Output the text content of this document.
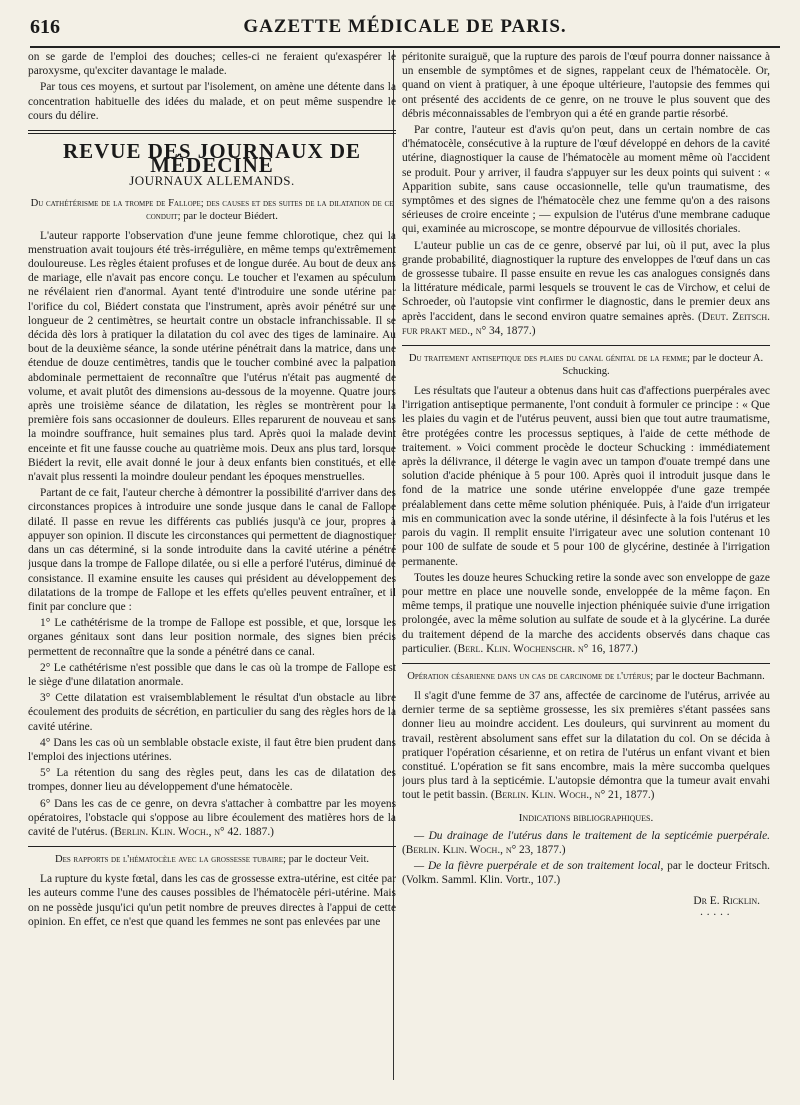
616	GAZETTE MÉDICALE DE PARIS.

on se garde de l'emploi des douches; celles-ci ne feraient qu'exaspérer le paroxysme, qu'exciter davantage le malade.

Par tous ces moyens, et surtout par l'isolement, on amène une détente dans la concentration habituelle des idées du malade, et on peut même suspendre le cours du délire.

REVUE DES JOURNAUX DE MÉDECINE
JOURNAUX ALLEMANDS.
Du cathétérisme de la trompe de Fallope; des causes et des suites de la dilatation de ce conduit; par le docteur Biédert.

L'auteur rapporte l'observation d'une jeune femme chlorotique, chez qui la menstruation avait toujours été très-irrégulière, en même temps qu'extrêmement douloureuse. Les règles étaient profuses et de longue durée. Au bout de deux ans de mariage, elle n'avait pas encore conçu. Le toucher et l'examen au spéculum ne révélaient rien d'anormal. Ayant tenté d'introduire une sonde utérine par l'orifice du col, Biédert constata que l'instrument, après avoir pénétré sur une longueur de 2 centimètres, se heurtait contre un obstacle infranchissable. Il se décida dès lors à pratiquer la dilatation du col avec des tiges de laminaire. Au bout de la deuxième séance, la sonde utérine pénétrait dans la matrice, dans une étendue de douze centimètres, tandis que le toucher combiné avec la palpation abdominale permettaient de reconnaître que l'utérus n'était pas augmenté de volume, et avait plutôt des dimensions au-dessous de la moyenne. Quatre jours après une troisième séance de dilatation, les règles se montrèrent pour la première fois sans occasionner de douleurs. Elles reparurent de nouveau et sans la moindre souffrance, huit semaines plus tard. Après quoi la malade devint enceinte et fit une fausse couche au quatrième mois. Deux ans plus tard, lorsque Biédert la revit, elle avait donné le jour à deux enfants bien constitués, et elle n'avait plus ressenti la moindre douleur pendant les époques menstruelles.

Partant de ce fait, l'auteur cherche à démontrer la possibilité d'arriver dans des circonstances propices à introduire une sonde jusque dans le canal de Fallope dilaté. Il passe en revue les différents cas publiés jusqu'à ce jour, propres à appuyer son opinion. Il discute les circonstances qui permettent de diagnostiquer dans un cas déterminé, si la sonde introduite dans la cavité utérine a pénétré jusque dans la trompe de Fallope dilatée, ou si elle a perforé l'utérus, diminué de consistance. Il examine ensuite les causes qui président au développement des dilatations de la trompe de Fallope et les effets qu'elles peuvent entraîner, et il finit par conclure que :

1° Le cathétérisme de la trompe de Fallope est possible, et que, lorsque les organes génitaux sont dans leur position normale, des signes bien précis permettent de reconnaître que la sonde a pénétré dans ce canal.

2° Le cathétérisme n'est possible que dans le cas où la trompe de Fallope est le siège d'une dilatation anormale.

3° Cette dilatation est vraisemblablement le résultat d'un obstacle au libre écoulement des produits de sécrétion, en particulier du sang des règles hors de la cavité utérine.

4° Dans les cas où un semblable obstacle existe, il faut être bien prudent dans l'emploi des injections utérines.

5° La rétention du sang des règles peut, dans les cas de dilatation des trompes, donner lieu au développement d'une hématocèle.

6° Dans les cas de ce genre, on devra s'attacher à combattre par les moyens opératoires, l'obstacle qui s'oppose au libre écoulement des matières hors de la cavité de l'utérus. (Berlin. Klin. Woch., n° 42. 1887.)

Des rapports de l'hématocèle avec la grossesse tubaire; par le docteur Veit.

La rupture du kyste fœtal, dans les cas de grossesse extra-utérine, est citée par les auteurs comme l'une des causes possibles de l'hématocèle péri-utérine. Mais on ne possède jusqu'ici qu'un petit nombre de preuves directes à l'appui de cette opinion. En effet, ce n'est que quand les femmes ne sont pas enlevées par une

péritonite suraiguë, que la rupture des parois de l'œuf pourra donner naissance à un ensemble de symptômes et de signes, rappelant ceux de l'hématocèle. Or, quand on vient à pratiquer, à une époque ultérieure, l'autopsie des femmes qui ont présenté des accidents de ce genre, on ne trouve le plus souvent que des débris méconnaissables de l'embryon qui a été en grande partie résorbé.

Par contre, l'auteur est d'avis qu'on peut, dans un certain nombre de cas d'hématocèle, consécutive à la rupture de l'œuf développé en dehors de la cavité utérine, diagnostiquer la cause de l'hématocèle au moment même où l'accident se produit. Pour y arriver, il faudra s'appuyer sur les deux points qui suivent : « Apparition subite, sans cause occasionnelle, telle qu'un traumatisme, des symptômes et des signes de l'hématocèle chez une femme qu'on a des raisons sérieuses de croire enceinte ; — expulsion de l'utérus d'une membrane caduque qui, examinée au microscope, se montre dépourvue de villosités choriales.

L'auteur publie un cas de ce genre, observé par lui, où il put, avec la plus grande probabilité, diagnostiquer la rupture des enveloppes de l'œuf dans un cas de grossesse tubaire. Il passe ensuite en revue les cas analogues consignés dans la littérature médicale, parmi lesquels se trouvent le cas de Virchow, et celui de Schroeder, où l'autopsie vint confirmer le diagnostic, dans le premier deux ans après l'accident, dans le second environ quatre semaines après. (Deut. Zeitsch. fur prakt med., n° 34, 1877.)

Du traitement antiseptique des plaies du canal génital de la femme; par le docteur A. Schucking.

Les résultats que l'auteur a obtenus dans huit cas d'affections puerpérales avec l'irrigation antiseptique permanente, l'ont conduit à formuler ce principe : « Que les plaies du vagin et de l'utérus peuvent, aussi bien que tout autre traumatisme, être protégées contre les processus septiques, à l'aide de cette méthode de traitement. » Voici comment procède le docteur Schucking : immédiatement après la délivrance, il déterge le vagin avec un tampon d'ouate trempé dans une solution d'acide phénique à 5 pour 100. Après quoi il introduit jusque dans le fond de la matrice une sonde utérine enveloppée d'une gaze trempée préalablement dans cette même solution phéniquée. Puis, à l'aide d'un irrigateur mis en communication avec la sonde utérine, il désinfecte à la fois l'utérus et les parois du vagin. Il remplit ensuite l'irrigateur avec une solution contenant 10 pour 100 de sulfate de soude et 5 pour 100 de glycérine, destinée à l'irrigation permanente.

Toutes les douze heures Schucking retire la sonde avec son enveloppe de gaze pour mettre en place une nouvelle sonde, enveloppée de la même façon. En même temps, il pratique une nouvelle injection phéniquée suivie d'une irrigation prolongée, avec la même solution au sulfate de soude et à la glycérine. La durée du traitement dépend de la marche des accidents observés dans chaque cas particulier. (Berl. Klin. Wochenschr. n° 16, 1877.)

Opération césarienne dans un cas de carcinome de l'utérus; par le docteur Bachmann.

Il s'agit d'une femme de 37 ans, affectée de carcinome de l'utérus, arrivée au dernier terme de sa septième grossesse, les six premières s'étant passées sans donner lieu au moindre accident. Les douleurs, qui survinrent au moment du travail, restèrent absolument sans effet sur la dilatation du col. On se décida à pratiquer l'opération césarienne, et on retira de l'utérus un enfant vivant et bien constitué. L'opération se fit sans encombre, mais la mère succomba quelques jours plus tard à la septicémie. L'autopsie démontra que la tumeur avait envahi tout le petit bassin. (Berlin. Klin. Woch., n° 21, 1877.)

Indications bibliographiques.

— Du drainage de l'utérus dans le traitement de la septicémie puerpérale. (Berlin. Klin. Woch., n° 23, 1877.)

— De la fièvre puerpérale et de son traitement local, par le docteur Fritsch. (Volkm. Samml. Klin. Vortr., 107.)

Dr E. Ricklin.
· · · · ·
